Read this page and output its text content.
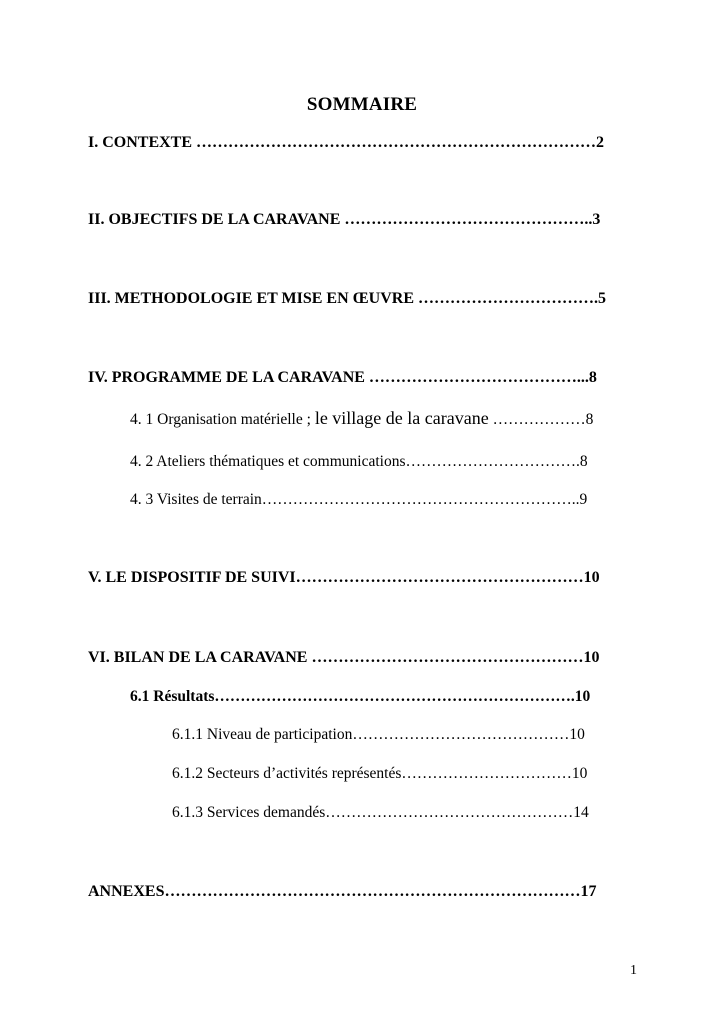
SOMMAIRE
I. CONTEXTE …………………………………………………………………2
II. OBJECTIFS DE LA CARAVANE ………………………………………..3
III. METHODOLOGIE ET MISE EN ŒUVRE …………………………….5
IV. PROGRAMME DE LA CARAVANE …………………………………...8
4. 1 Organisation matérielle ; le village de la caravane ………………8
4. 2 Ateliers thématiques et communications…………………………….8
4. 3 Visites de terrain……………………………………………………..9
V. LE DISPOSITIF DE SUIVI………………………………………………10
VI. BILAN DE LA CARAVANE ……………………………………………10
6.1 Résultats…………………………………………………………….10
6.1.1 Niveau de participation……………………………………10
6.1.2 Secteurs d’activités représentés……………………………10
6.1.3 Services demandés…………………………………………14
ANNEXES……………………………………………………………………17
1
